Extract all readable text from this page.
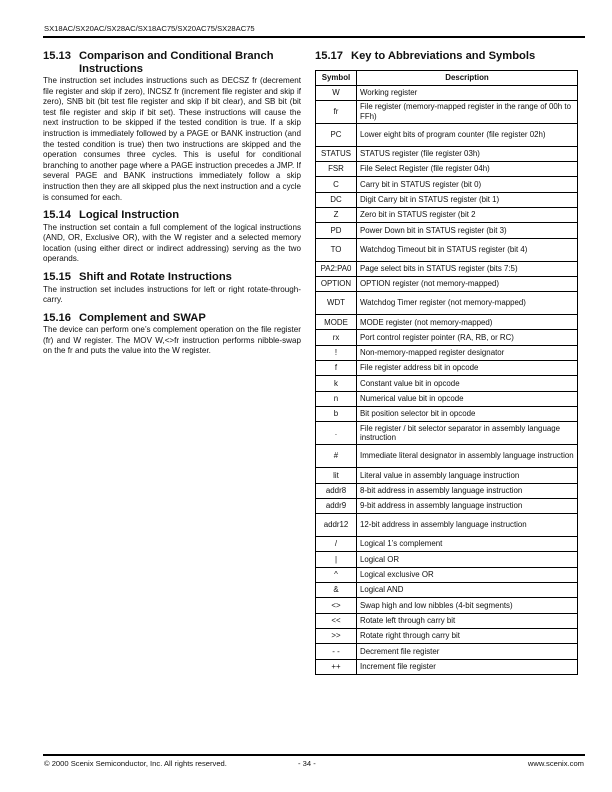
SX18AC/SX20AC/SX28AC/SX18AC75/SX20AC75/SX28AC75
15.13 Comparison and Conditional Branch Instructions

The instruction set includes instructions such as DECSZ fr (decrement file register and skip if zero), INCSZ fr (increment file register and skip if zero), SNB bit (bit test file register and skip if bit clear), and SB bit (bit test file register and skip if bit set). These instructions will cause the next instruction to be skipped if the tested condition is true. If a skip instruction is immediately followed by a PAGE or BANK instruction (and the tested condition is true) then two instructions are skipped and the operation consumes three cycles. This is useful for conditional branching to another page where a PAGE instruction precedes a JMP. If several PAGE and BANK instructions immediately follow a skip instruction then they are all skipped plus the next instruction and a cycle is consumed for each.

15.14 Logical Instruction

The instruction set contain a full complement of the logical instructions (AND, OR, Exclusive OR), with the W register and a selected memory location (using either direct or indirect addressing) serving as the two operands.

15.15 Shift and Rotate Instructions

The instruction set includes instructions for left or right rotate-through-carry.

15.16 Complement and SWAP

The device can perform one’s complement operation on the file register (fr) and W register. The MOV W,<>fr instruction performs nibble-swap on the fr and puts the value into the W register.

15.17 Key to Abbreviations and Symbols
Symbol	Description
W	Working register
fr	File register (memory-mapped register in the range of 00h to FFh)
PC	Lower eight bits of program counter (file register 02h)
STATUS	STATUS register (file register 03h)
FSR	File Select Register (file register 04h)
C	Carry bit in STATUS register (bit 0)
DC	Digit Carry bit in STATUS register (bit 1)
Z	Zero bit in STATUS register (bit 2
PD	Power Down bit in STATUS register (bit 3)
TO	Watchdog Timeout bit in STATUS register (bit 4)
PA2:PA0	Page select bits in STATUS register (bits 7:5)
OPTION	OPTION register (not memory-mapped)
WDT	Watchdog Timer register (not memory-mapped)
MODE	MODE register (not memory-mapped)
rx	Port control register pointer (RA, RB, or RC)
!	Non-memory-mapped register designator
f	File register address bit in opcode
k	Constant value bit in opcode
n	Numerical value bit in opcode
b	Bit position selector bit in opcode
.	File register / bit selector separator in assembly language instruction
#	Immediate literal designator in assembly language instruction
lit	Literal value in assembly language instruction
addr8	8-bit address in assembly language instruction
addr9	9-bit address in assembly language instruction
addr12	12-bit address in assembly language instruction
/	Logical 1’s complement
|	Logical OR
^	Logical exclusive OR
&	Logical AND
<>	Swap high and low nibbles (4-bit segments)
<<	Rotate left through carry bit
>>	Rotate right through carry bit
- -	Decrement file register
++	Increment file register
© 2000 Scenix Semiconductor, Inc. All rights reserved.	- 34 -	www.scenix.com
